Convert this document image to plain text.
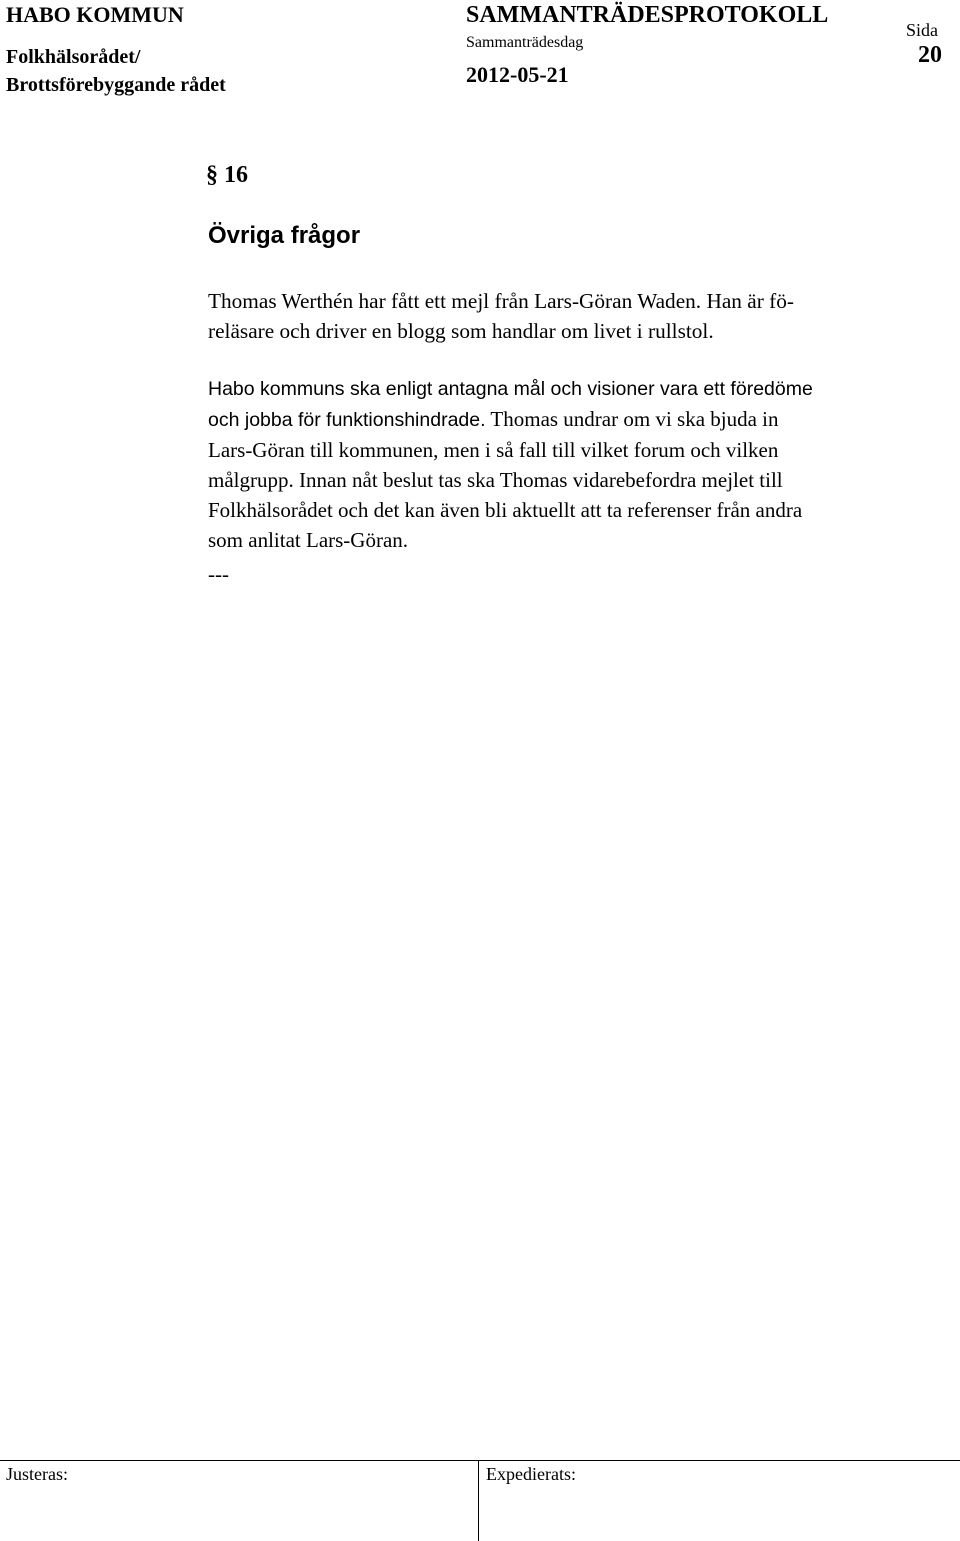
HABO KOMMUN
Folkhälsorådet/
Brottsförebyggande rådet
SAMMANTRÄDESPROTOKOLL
Sammanträdesdag
2012-05-21
Sida
20
§ 16
Övriga frågor
Thomas Werthén har fått ett mejl från Lars-Göran Waden. Han är fö-
reläsare och driver en blogg som handlar om livet i rullstol.
Habo kommuns ska enligt antagna mål och visioner vara ett föredöme
och jobba för funktionshindrade. Thomas undrar om vi ska bjuda in
Lars-Göran till kommunen, men i så fall till vilket forum och vilken
målgrupp. Innan nåt beslut tas ska Thomas vidarebefordra mejlet till
Folkhälsorådet och det kan även bli aktuellt att ta referenser från andra
som anlitat Lars-Göran.
---
Justeras:	Expedierats:
